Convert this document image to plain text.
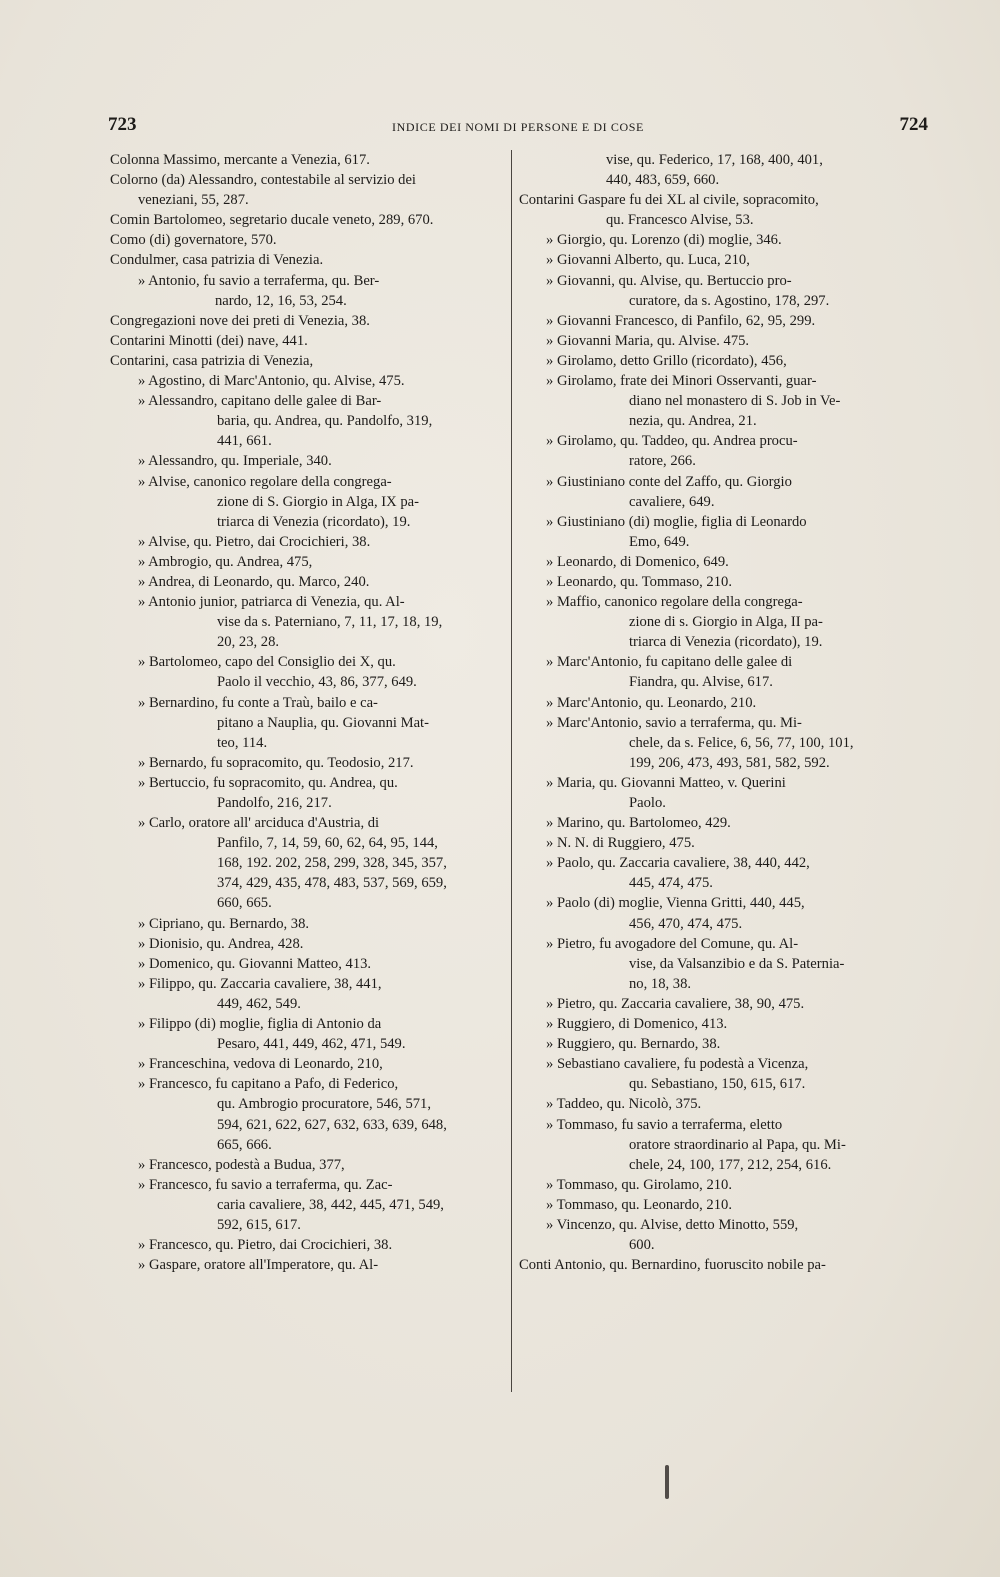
723	INDICE DEI NOMI DI PERSONE E DI COSE	724
Colonna Massimo, mercante a Venezia, 617.
Colorno (da) Alessandro, contestabile al servizio dei
veneziani, 55, 287.
Comin Bartolomeo, segretario ducale veneto, 289, 670.
Como (di) governatore, 570.
Condulmer, casa patrizia di Venezia.
» Antonio, fu savio a terraferma, qu. Ber-
nardo, 12, 16, 53, 254.
Congregazioni nove dei preti di Venezia, 38.
Contarini Minotti (dei) nave, 441.
Contarini, casa patrizia di Venezia,
» Agostino, di Marc'Antonio, qu. Alvise, 475.
» Alessandro, capitano delle galee di Bar-
baria, qu. Andrea, qu. Pandolfo, 319,
441, 661.
» Alessandro, qu. Imperiale, 340.
» Alvise, canonico regolare della congrega-
zione di S. Giorgio in Alga, IX pa-
triarca di Venezia (ricordato), 19.
» Alvise, qu. Pietro, dai Crocichieri, 38.
» Ambrogio, qu. Andrea, 475,
» Andrea, di Leonardo, qu. Marco, 240.
» Antonio junior, patriarca di Venezia, qu. Al-
vise da s. Paterniano, 7, 11, 17, 18, 19,
20, 23, 28.
» Bartolomeo, capo del Consiglio dei X, qu.
Paolo il vecchio, 43, 86, 377, 649.
» Bernardino, fu conte a Traù, bailo e ca-
pitano a Nauplia, qu. Giovanni Mat-
teo, 114.
» Bernardo, fu sopracomito, qu. Teodosio, 217.
» Bertuccio, fu sopracomito, qu. Andrea, qu.
Pandolfo, 216, 217.
» Carlo, oratore all' arciduca d'Austria, di
Panfilo, 7, 14, 59, 60, 62, 64, 95, 144,
168, 192. 202, 258, 299, 328, 345, 357,
374, 429, 435, 478, 483, 537, 569, 659,
660, 665.
» Cipriano, qu. Bernardo, 38.
» Dionisio, qu. Andrea, 428.
» Domenico, qu. Giovanni Matteo, 413.
» Filippo, qu. Zaccaria cavaliere, 38, 441,
449, 462, 549.
» Filippo (di) moglie, figlia di Antonio da
Pesaro, 441, 449, 462, 471, 549.
» Franceschina, vedova di Leonardo, 210,
» Francesco, fu capitano a Pafo, di Federico,
qu. Ambrogio procuratore, 546, 571,
594, 621, 622, 627, 632, 633, 639, 648,
665, 666.
» Francesco, podestà a Budua, 377,
» Francesco, fu savio a terraferma, qu. Zac-
caria cavaliere, 38, 442, 445, 471, 549,
592, 615, 617.
» Francesco, qu. Pietro, dai Crocichieri, 38.
» Gaspare, oratore all'Imperatore, qu. Al-
vise, qu. Federico, 17, 168, 400, 401,
440, 483, 659, 660.
Contarini Gaspare fu dei XL al civile, sopracomito,
qu. Francesco Alvise, 53.
» Giorgio, qu. Lorenzo (di) moglie, 346.
» Giovanni Alberto, qu. Luca, 210,
» Giovanni, qu. Alvise, qu. Bertuccio pro-
curatore, da s. Agostino, 178, 297.
» Giovanni Francesco, di Panfilo, 62, 95, 299.
» Giovanni Maria, qu. Alvise. 475.
» Girolamo, detto Grillo (ricordato), 456,
» Girolamo, frate dei Minori Osservanti, guar-
diano nel monastero di S. Job in Ve-
nezia, qu. Andrea, 21.
» Girolamo, qu. Taddeo, qu. Andrea procu-
ratore, 266.
» Giustiniano conte del Zaffo, qu. Giorgio
cavaliere, 649.
» Giustiniano (di) moglie, figlia di Leonardo
Emo, 649.
» Leonardo, di Domenico, 649.
» Leonardo, qu. Tommaso, 210.
» Maffio, canonico regolare della congrega-
zione di s. Giorgio in Alga, II pa-
triarca di Venezia (ricordato), 19.
» Marc'Antonio, fu capitano delle galee di
Fiandra, qu. Alvise, 617.
» Marc'Antonio, qu. Leonardo, 210.
» Marc'Antonio, savio a terraferma, qu. Mi-
chele, da s. Felice, 6, 56, 77, 100, 101,
199, 206, 473, 493, 581, 582, 592.
» Maria, qu. Giovanni Matteo, v. Querini
Paolo.
» Marino, qu. Bartolomeo, 429.
» N. N. di Ruggiero, 475.
» Paolo, qu. Zaccaria cavaliere, 38, 440, 442,
445, 474, 475.
» Paolo (di) moglie, Vienna Gritti, 440, 445,
456, 470, 474, 475.
» Pietro, fu avogadore del Comune, qu. Al-
vise, da Valsanzibio e da S. Paternia-
no, 18, 38.
» Pietro, qu. Zaccaria cavaliere, 38, 90, 475.
» Ruggiero, di Domenico, 413.
» Ruggiero, qu. Bernardo, 38.
» Sebastiano cavaliere, fu podestà a Vicenza,
qu. Sebastiano, 150, 615, 617.
» Taddeo, qu. Nicolò, 375.
» Tommaso, fu savio a terraferma, eletto
oratore straordinario al Papa, qu. Mi-
chele, 24, 100, 177, 212, 254, 616.
» Tommaso, qu. Girolamo, 210.
» Tommaso, qu. Leonardo, 210.
» Vincenzo, qu. Alvise, detto Minotto, 559,
600.
Conti Antonio, qu. Bernardino, fuoruscito nobile pa-
